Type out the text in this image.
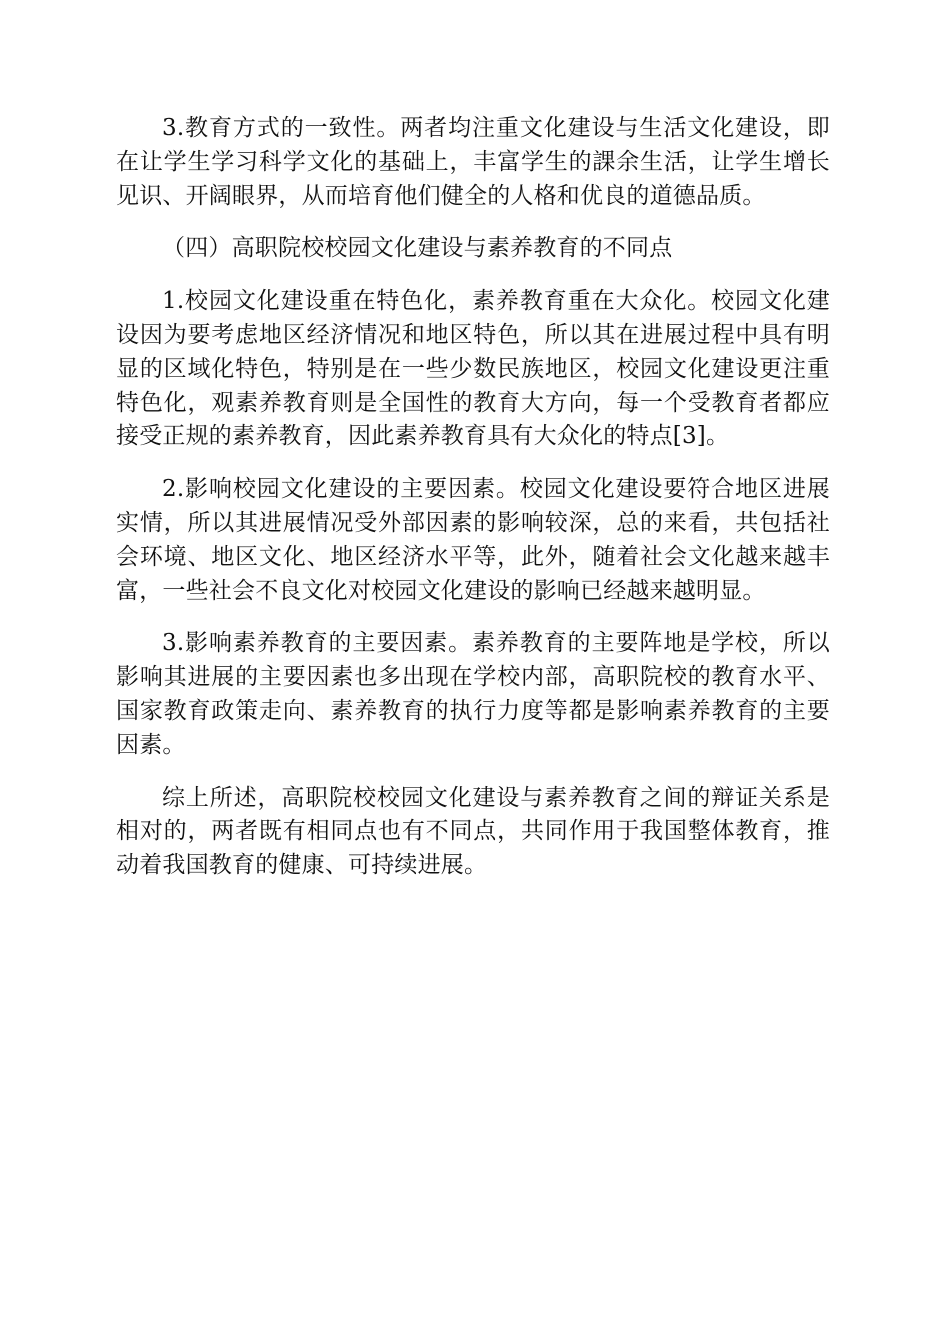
3.教育方式的一致性。两者均注重文化建设与生活文化建设，即在让学生学习科学文化的基础上，丰富学生的課余生活，让学生增长见识、开阔眼界，从而培育他们健全的人格和优良的道德品质。

（四）高职院校校园文化建设与素养教育的不同点

1.校园文化建设重在特色化，素养教育重在大众化。校园文化建设因为要考虑地区经济情况和地区特色，所以其在进展过程中具有明显的区域化特色，特别是在一些少数民族地区，校园文化建设更注重特色化，观素养教育则是全国性的教育大方向，每一个受教育者都应接受正规的素养教育，因此素养教育具有大众化的特点[3]。

2.影响校园文化建设的主要因素。校园文化建设要符合地区进展实情，所以其进展情况受外部因素的影响较深，总的来看，共包括社会环境、地区文化、地区经济水平等，此外，随着社会文化越来越丰富，一些社会不良文化对校园文化建设的影响已经越来越明显。

3.影响素养教育的主要因素。素养教育的主要阵地是学校，所以影响其进展的主要因素也多出现在学校内部，高职院校的教育水平、国家教育政策走向、素养教育的执行力度等都是影响素养教育的主要因素。

综上所述，高职院校校园文化建设与素养教育之间的辩证关系是相对的，两者既有相同点也有不同点，共同作用于我国整体教育，推动着我国教育的健康、可持续进展。
